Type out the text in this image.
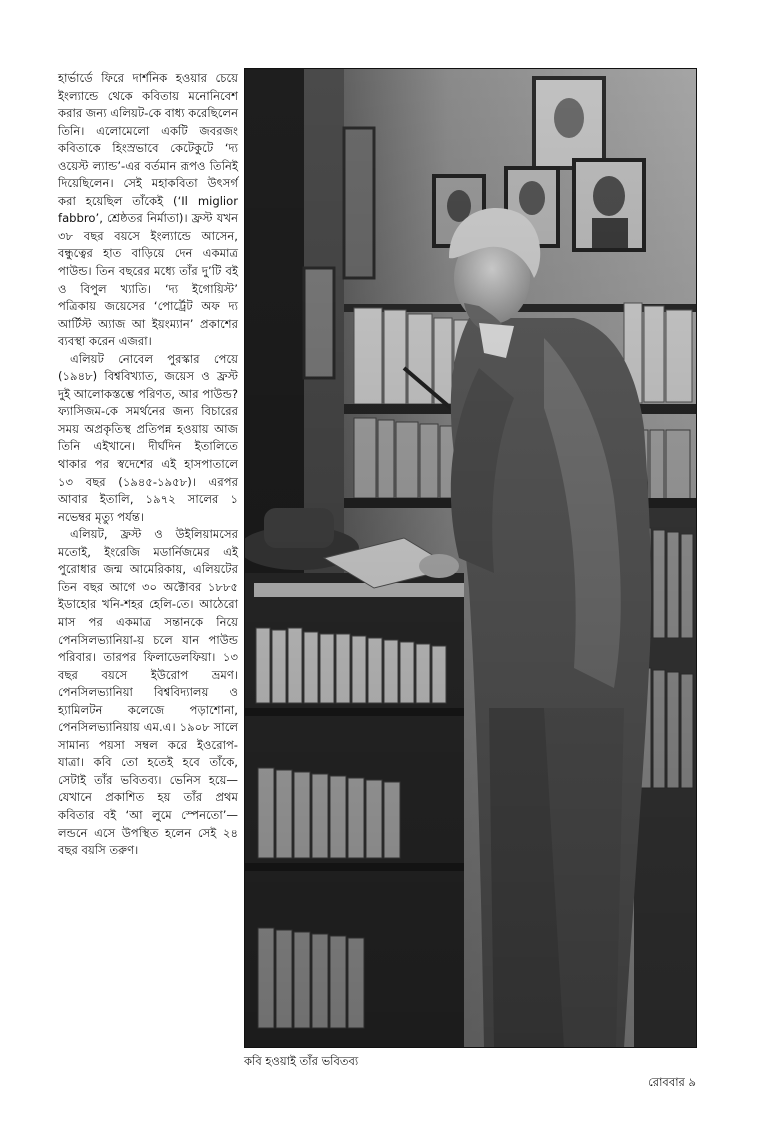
হার্ভার্ডে ফিরে দার্শনিক হওয়ার চেয়ে ইংল্যান্ডে থেকে কবিতায় মনোনিবেশ করার জন্য এলিয়ট-কে বাধ্য করেছিলেন তিনি। এলোমেলো একটি জবরজং কবিতাকে হিংস্রভাবে কেটেকুটে ‘দ্য ওয়েস্ট ল্যান্ড’-এর বর্তমান রূপও তিনিই দিয়েছিলেন। সেই মহাকবিতা উৎসর্গ করা হয়েছিল তাঁকেই (‘Il miglior fabbro’, শ্রেষ্ঠতর নির্মাতা)। ফ্রস্ট যখন ৩৮ বছর বয়সে ইংল্যান্ডে আসেন, বন্ধুত্বের হাত বাড়িয়ে দেন একমাত্র পাউন্ড। তিন বছরের মধ্যে তাঁর দু’টি বই ও বিপুল খ্যাতি। ‘দ্য ইগোয়িস্ট’ পত্রিকায় জয়েসের ‘পোর্ট্রেট অফ দ্য আর্টিস্ট অ্যাজ আ ইয়ংম্যান’ প্রকাশের ব্যবস্থা করেন এজরা।

এলিয়ট নোবেল পুরস্কার পেয়ে (১৯৪৮) বিশ্ববিখ্যাত, জয়েস ও ফ্রস্ট দুই আলোকস্তম্ভে পরিণত, আর পাউন্ড? ফ্যাসিজম-কে সমর্থনের জন্য বিচারের সময় অপ্রকৃতিস্থ প্রতিপন্ন হওয়ায় আজ তিনি এইখানে। দীর্ঘদিন ইতালিতে থাকার পর স্বদেশের এই হাসপাতালে ১৩ বছর (১৯৪৫-১৯৫৮)। এরপর আবার ইতালি, ১৯৭২ সালের ১ নভেম্বর মৃত্যু পর্যন্ত।

এলিয়ট, ফ্রস্ট ও উইলিয়ামসের মতোই, ইংরেজি মডার্নিজমের এই পুরোধার জন্ম আমেরিকায়, এলিয়টের তিন বছর আগে ৩০ অক্টোবর ১৮৮৫ ইডাহোর খনি-শহর হেলি-তে। আঠেরো মাস পর একমাত্র সন্তানকে নিয়ে পেনসিলভ্যানিয়া-য় চলে যান পাউন্ড পরিবার। তারপর ফিলাডেলফিয়া। ১৩ বছর বয়সে ইউরোপ ভ্রমণ। পেনসিলভ্যানিয়া বিশ্ববিদ্যালয় ও হ্যামিলটন কলেজে পড়াশোনা, পেনসিলভ্যানিয়ায় এম.এ। ১৯০৮ সালে সামান্য পয়সা সম্বল করে ইওরোপ-যাত্রা। কবি তো হতেই হবে তাঁকে, সেটাই তাঁর ভবিতব্য। ভেনিস হয়ে—যেখানে প্রকাশিত হয় তাঁর প্রথম কবিতার বই ‘আ লুমে স্পেনতো’—লন্ডনে এসে উপস্থিত হলেন সেই ২৪ বছর বয়সি তরুণ।

কবি হওয়াই তাঁর ভবিতব্য
রোববার ৯
